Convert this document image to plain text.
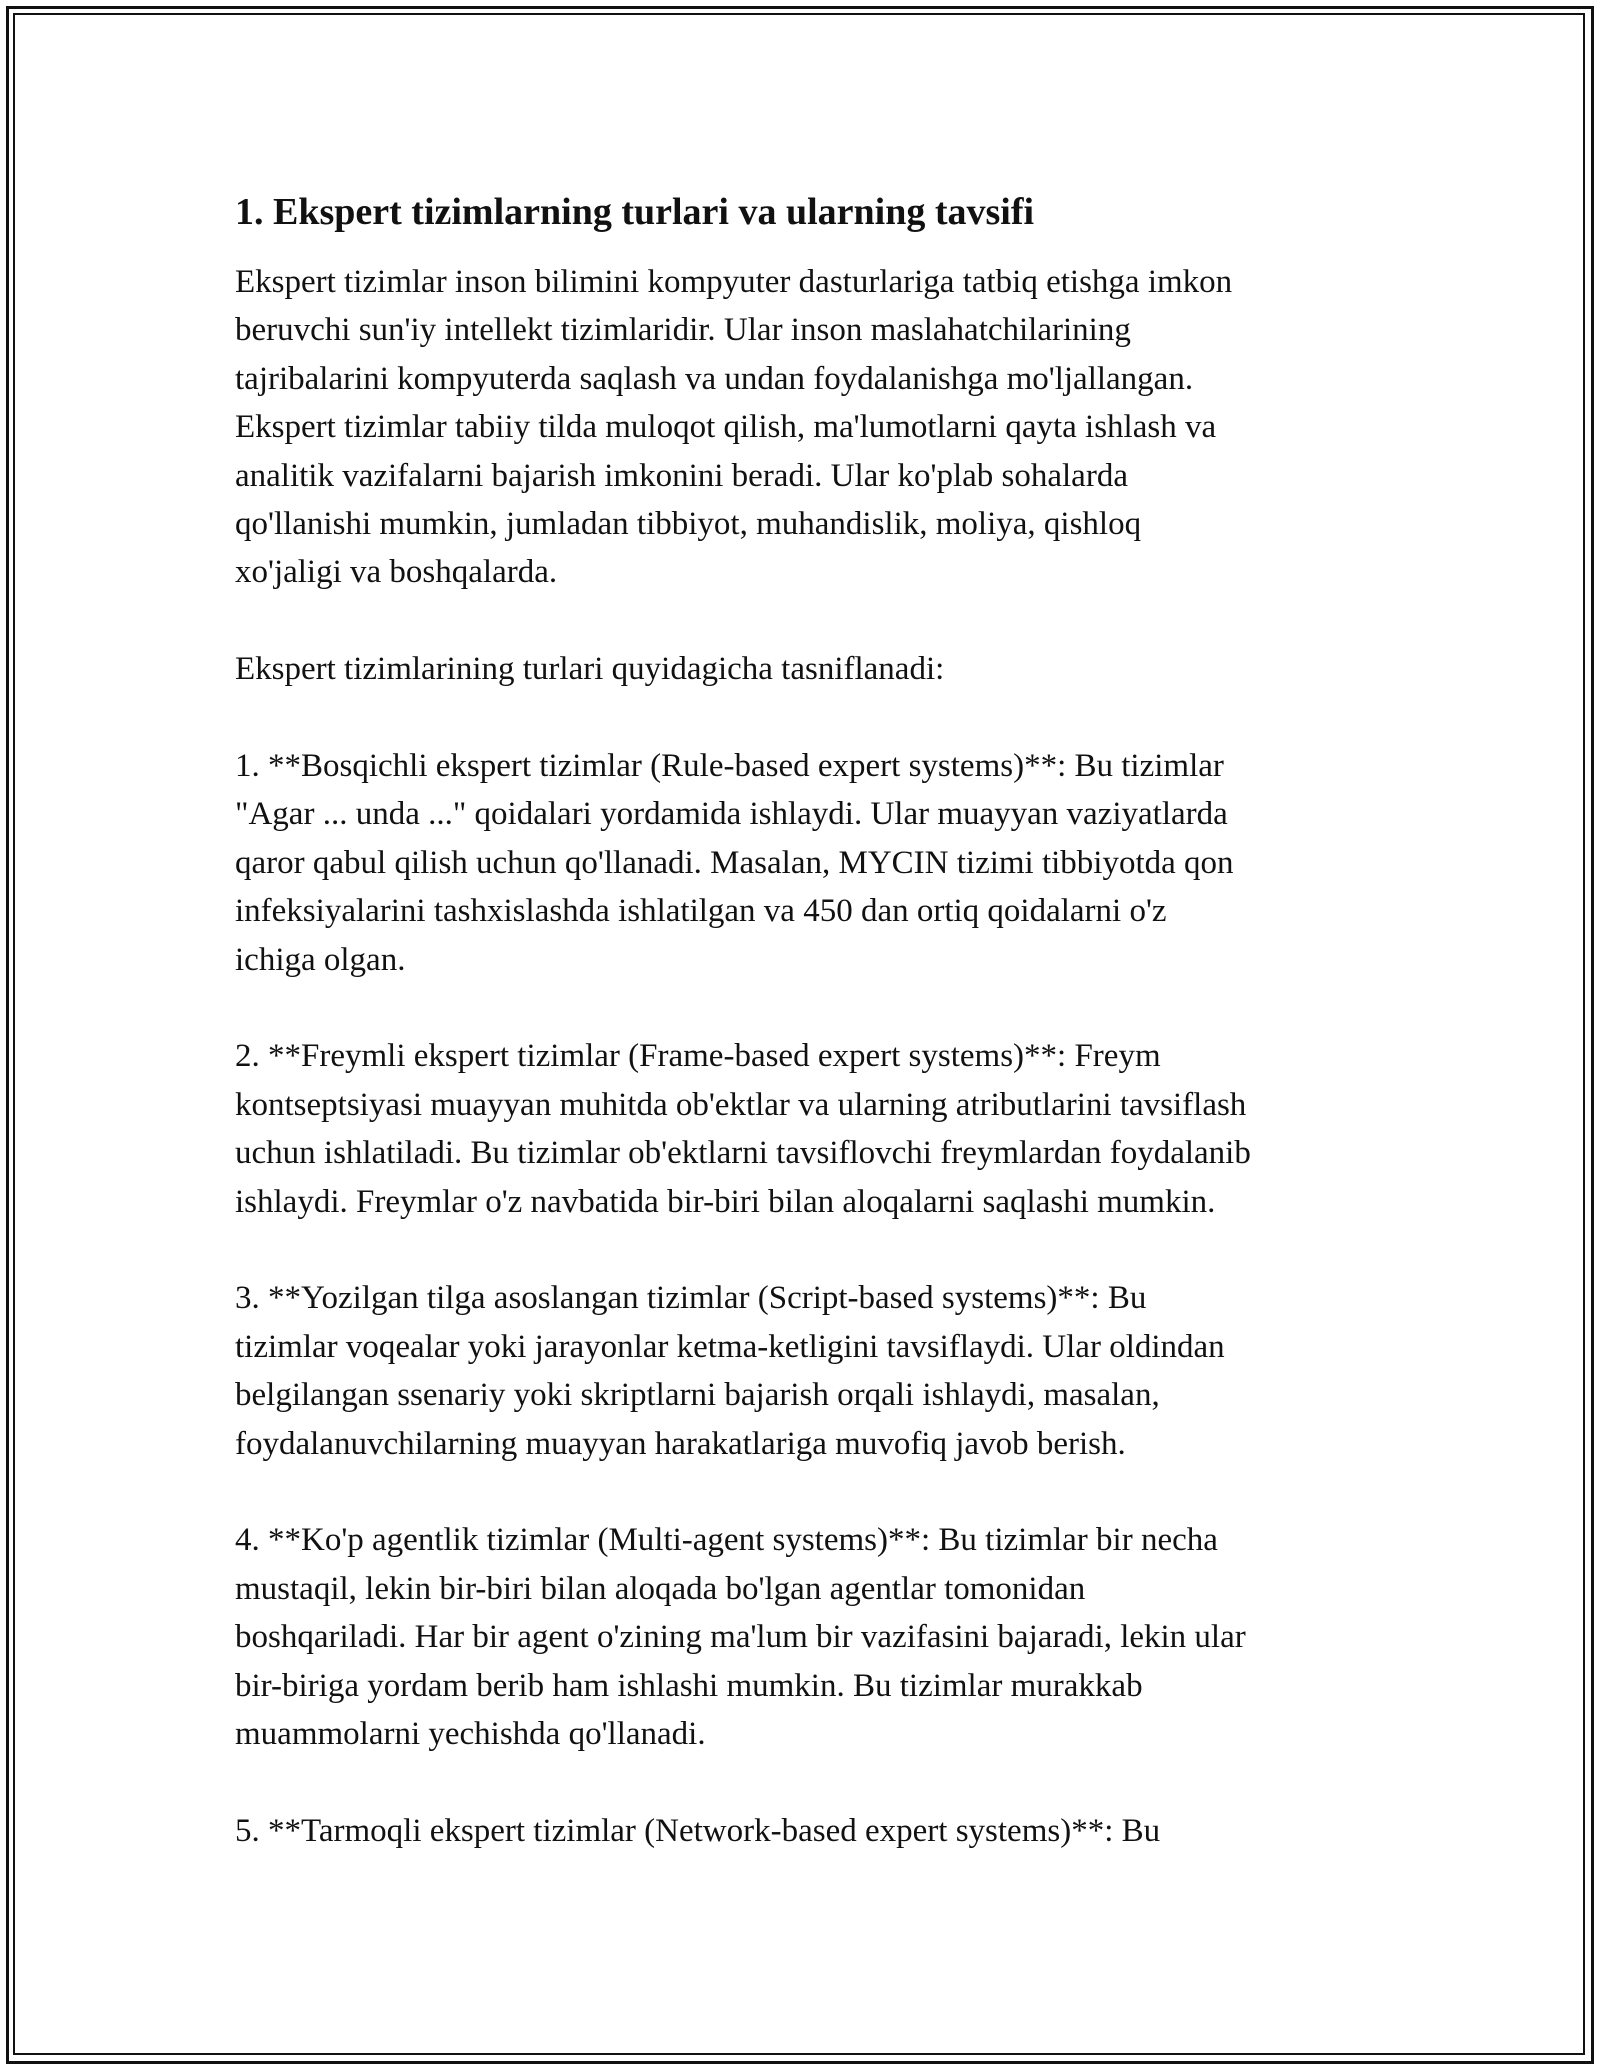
1. Ekspert tizimlarning turlari va ularning tavsifi
Ekspert tizimlar inson bilimini kompyuter dasturlariga tatbiq etishga imkon
beruvchi sun'iy intellekt tizimlaridir. Ular inson maslahatchilarining
tajribalarini kompyuterda saqlash va undan foydalanishga mo'ljallangan.
Ekspert tizimlar tabiiy tilda muloqot qilish, ma'lumotlarni qayta ishlash va
analitik vazifalarni bajarish imkonini beradi. Ular ko'plab sohalarda
qo'llanishi mumkin, jumladan tibbiyot, muhandislik, moliya, qishloq
xo'jaligi va boshqalarda.
Ekspert tizimlarining turlari quyidagicha tasniflanadi:
1. **Bosqichli ekspert tizimlar (Rule-based expert systems)**: Bu tizimlar
"Agar ... unda ..." qoidalari yordamida ishlaydi. Ular muayyan vaziyatlarda
qaror qabul qilish uchun qo'llanadi. Masalan, MYCIN tizimi tibbiyotda qon
infeksiyalarini tashxislashda ishlatilgan va 450 dan ortiq qoidalarni o'z
ichiga olgan.
2. **Freymli ekspert tizimlar (Frame-based expert systems)**: Freym
kontseptsiyasi muayyan muhitda ob'ektlar va ularning atributlarini tavsiflash
uchun ishlatiladi. Bu tizimlar ob'ektlarni tavsiflovchi freymlardan foydalanib
ishlaydi. Freymlar o'z navbatida bir-biri bilan aloqalarni saqlashi mumkin.
3. **Yozilgan tilga asoslangan tizimlar (Script-based systems)**: Bu
tizimlar voqealar yoki jarayonlar ketma-ketligini tavsiflaydi. Ular oldindan
belgilangan ssenariy yoki skriptlarni bajarish orqali ishlaydi, masalan,
foydalanuvchilarning muayyan harakatlariga muvofiq javob berish.
4. **Ko'p agentlik tizimlar (Multi-agent systems)**: Bu tizimlar bir necha
mustaqil, lekin bir-biri bilan aloqada bo'lgan agentlar tomonidan
boshqariladi. Har bir agent o'zining ma'lum bir vazifasini bajaradi, lekin ular
bir-biriga yordam berib ham ishlashi mumkin. Bu tizimlar murakkab
muammolarni yechishda qo'llanadi.
5. **Tarmoqli ekspert tizimlar (Network-based expert systems)**: Bu
